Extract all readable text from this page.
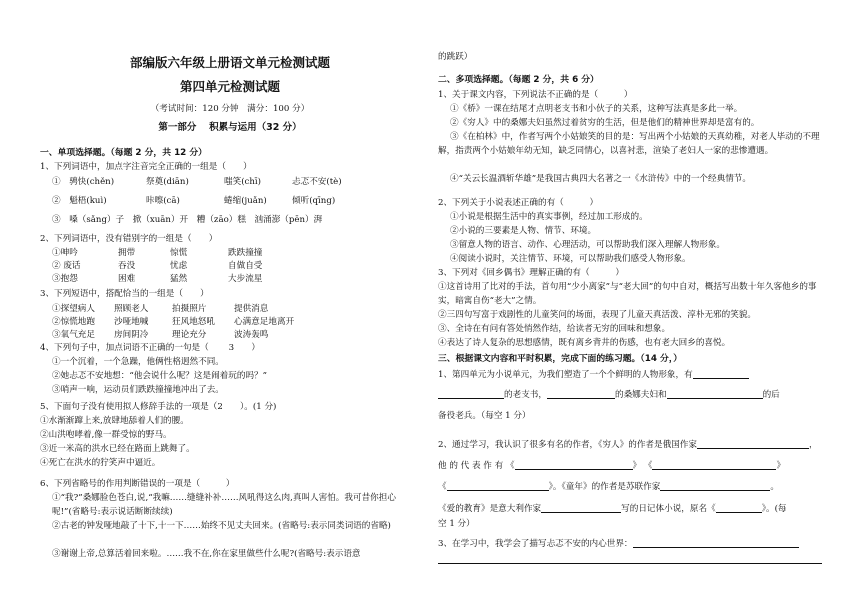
部编版六年级上册语文单元检测试题
第四单元检测试题
（考试时间：120 分钟　满分：100 分）
第一部分　 积累与运用（32 分）
一、单项选择题。（每题 2 分，共 12 分）
1、下列词语中，加点字注音完全正确的一组是（　　）
①　骋快(chěn)	祭奠(diān)	嗤笑(chī)	忐忑不安(tè)
②　魁梧(kuì)	咔嚓(cā)	蜷缩(juǎn)	倾听(qīng)
③　嗓（sǎng）子　掀（xuān）开　糟（zāo）糕　汹涌澎（pēn）湃
2、下列词语中，没有错别字的一组是（　　）
①呻吟	拥带	惊慌	跌跌撞撞
② 废话	吞没	忧虑	自做自受
③抱怨	困难	猛然	大步流星
3、下列短语中，搭配恰当的一组是（　　）
①探望病人 照顾老人	拍摄照片	提供消息
②惊慌地跑 沙哑地喊	狂风地怒吼 心满意足地离开
③氧气充足 房间阴冷	理论充分	波涛轰鸣
4、下列句子中，加点词语不正确的一句是（　　 3　　）
①一个沉着，一个急躁，他俩性格迥然不同。
②她忐忑不安地想：“他会说什么呢？这是闹着玩的吗？”
③哨声一响，运动员们跌跌撞撞地冲出了去。
5、下面句子没有使用拟人修辞手法的一项是（2　　）。(1 分)
①水渐渐蹿上来,放肆地舔着人们的腰。
②山洪咆哮着,像一群受惊的野马。
③近一米高的洪水已经在路面上跳舞了。
④死亡在洪水的狞笑声中逼近。
6、下列省略号的作用判断错误的一项是（　　　）
①“我?”桑娜脸色苍白,说,“我嘛……缝缝补补……风吼得这么肉,真叫人害怕。我可昔你担心呢!”(省略号:表示说话断断续续)
②古老的钟发哑地敲了十下,十一下……始终不见丈夫回来。(省略号:表示同类词语的省略)
③谢谢上帝,总算活着回来啦。……我不在,你在家里做些什么呢?(省略号:表示语意
的跳跃）
二、多项选择题。（每题 2 分，共 6 分）
1、关于课文内容，下列说法不正确的是（　　　）
①《桥》一课在结尾才点明老支书和小伙子的关系，这种写法真是多此一举。
②《穷人》中的桑娜夫妇虽然过着贫穷的生活，但是他们的精神世界却是富有的。
③《在柏林》中，作者写两个小姑娘笑的目的是：写出两个小姑娘的天真幼稚，对老人毕动的不理解，指责两个小姑娘年幼无知，缺乏同情心，以喜衬悲，渲染了老妇人一家的悲惨遭遇。
④“关云长温酒斩华雄”是我国古典四大名著之一《水浒传》中的一个经典情节。
2、下列关于小说表述正确的有（　　　）
①小说是根据生活中的真实事例，经过加工形成的。
②小说的三要素是人物、情节、环境。
③留意人物的语言、动作、心理活动，可以帮助我们深入理解人物形象。
④阅读小说时，关注情节、环境，可以帮助我们感受人物形象。
3、下列对《回乡偶书》理解正确的有（　　　）
①这首诗用了比对的手法，首句用“少小离家”与“老大回”的句中自对，概括写出数十年久客他乡的事实，暗寓自伤“老大”之情。
②三四句写富于戏剧性的儿童笑问的场面，表现了儿童天真活泼、淳朴无邪的笑貌。
③、全诗在有问有答处悄然作结，给读者无穷的回味和想象。
④表达了诗人复杂的思想感情，既有离乡背井的伤感，也有老大回乡的喜悦。
三、根据课文内容和平时积累，完成下面的练习题。（14 分，）
1、第四单元为小说单元，为我们塑造了一个个鲜明的人物形象，有
的老支书，	的桑娜夫妇和	的后
备役老兵。（每空 1 分）
2、通过学习，我认识了很多有名的作者，《穷人》的作者是俄国作家	，
他 的 代 表 作 有 《	》 《	》
《	》。《童年》的作者是苏联作家	。
《爱的教育》是意大利作家	写的日记体小说，原名《	》。(每
空 1 分）
3、在学习中，我学会了描写忐忑不安的内心世界：
